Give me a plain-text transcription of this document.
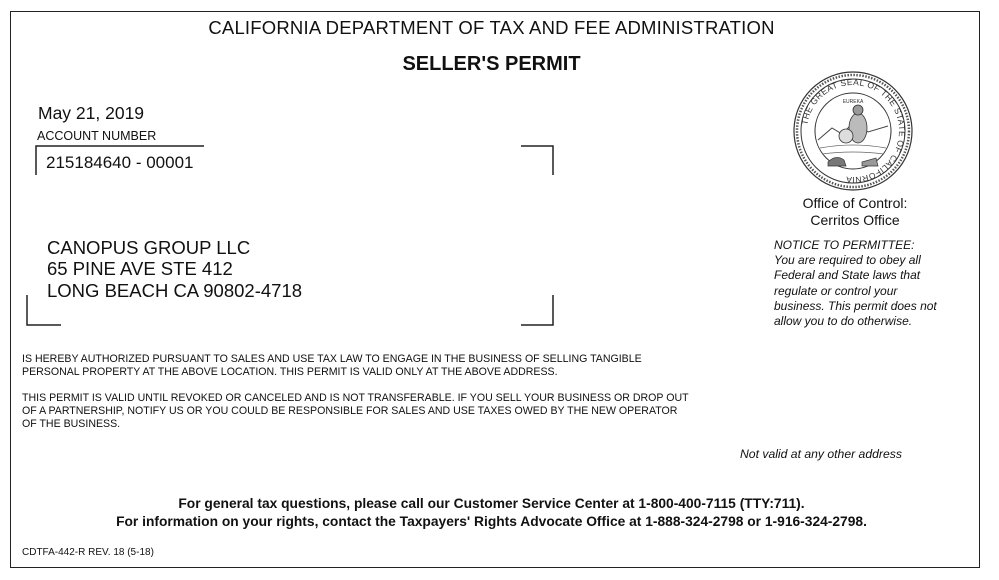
CALIFORNIA DEPARTMENT OF TAX AND FEE ADMINISTRATION
SELLER'S PERMIT
May 21, 2019
ACCOUNT NUMBER
215184640 - 00001
CANOPUS GROUP LLC
65 PINE AVE STE 412
LONG BEACH CA 90802-4718
THE GREAT SEAL OF THE STATE OF CALIFORNIA
EUREKA
Office of Control:
Cerritos Office
NOTICE TO PERMITTEE:
You are required to obey all Federal and State laws that regulate or control your business. This permit does not allow you to do otherwise.
IS HEREBY AUTHORIZED PURSUANT TO SALES AND USE TAX LAW TO ENGAGE IN THE BUSINESS OF SELLING TANGIBLE
PERSONAL PROPERTY AT THE ABOVE LOCATION. THIS PERMIT IS VALID ONLY AT THE ABOVE ADDRESS.
THIS PERMIT IS VALID UNTIL REVOKED OR CANCELED AND IS NOT TRANSFERABLE. IF YOU SELL YOUR BUSINESS OR DROP OUT
OF A PARTNERSHIP, NOTIFY US OR YOU COULD BE RESPONSIBLE FOR SALES AND USE TAXES OWED BY THE NEW OPERATOR
OF THE BUSINESS.
Not valid at any other address
For general tax questions, please call our Customer Service Center at 1-800-400-7115 (TTY:711).
For information on your rights, contact the Taxpayers' Rights Advocate Office at 1-888-324-2798 or 1-916-324-2798.
CDTFA-442-R REV. 18 (5-18)
